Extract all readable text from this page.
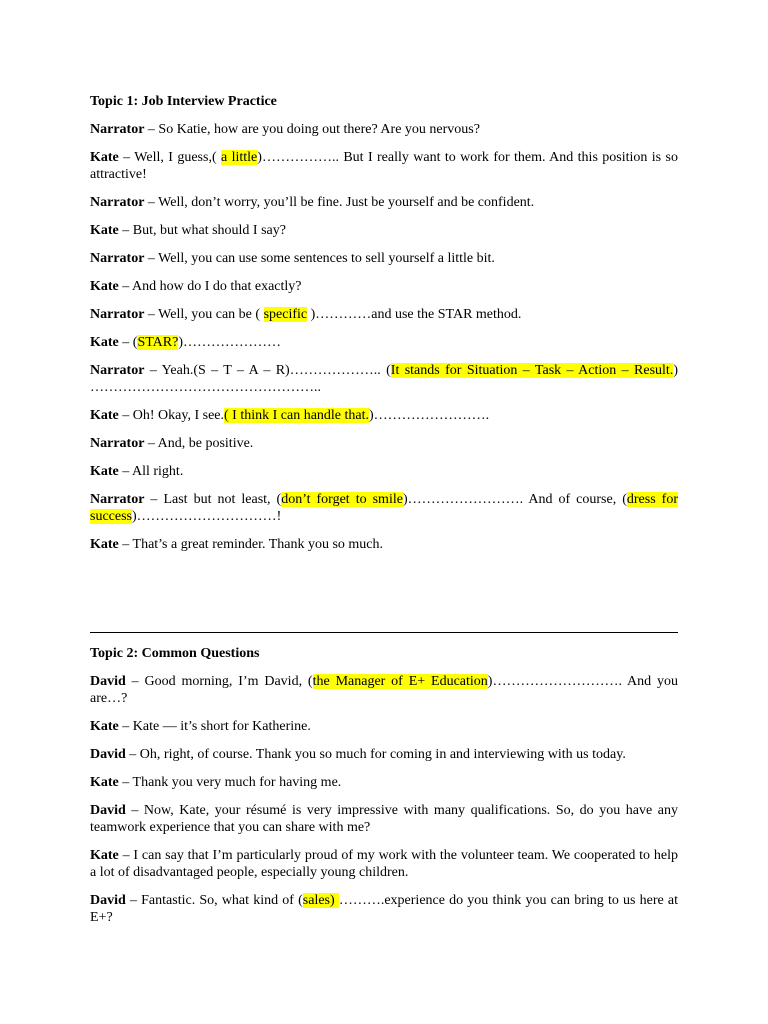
Topic 1: Job Interview Practice

Narrator – So Katie, how are you doing out there? Are you nervous?

Kate – Well, I guess,( a little)…………….. But I really want to work for them. And this position is so attractive!

Narrator – Well, don’t worry, you’ll be fine. Just be yourself and be confident.

Kate – But, but what should I say?

Narrator – Well, you can use some sentences to sell yourself a little bit.

Kate – And how do I do that exactly?

Narrator – Well, you can be ( specific )…………and use the STAR method.

Kate – (STAR?)…………………

Narrator – Yeah.(S – T – A – R)……………….. (It stands for Situation – Task – Action – Result.) …………………………………………..

Kate – Oh! Okay, I see.( I think I can handle that.)…………………….

Narrator – And, be positive.

Kate – All right.

Narrator – Last but not least, (don’t forget to smile)……………………. And of course, (dress for success)…………………………!

Kate – That’s a great reminder. Thank you so much.

Topic 2: Common Questions

David – Good morning, I’m David, (the Manager of E+ Education)………………………. And you are…?

Kate – Kate — it’s short for Katherine.

David – Oh, right, of course. Thank you so much for coming in and interviewing with us today.

Kate – Thank you very much for having me.

David – Now, Kate, your résumé is very impressive with many qualifications. So, do you have any teamwork experience that you can share with me?

Kate – I can say that I’m particularly proud of my work with the volunteer team. We cooperated to help a lot of disadvantaged people, especially young children.

David – Fantastic. So, what kind of (sales) ……….experience do you think you can bring to us here at E+?
